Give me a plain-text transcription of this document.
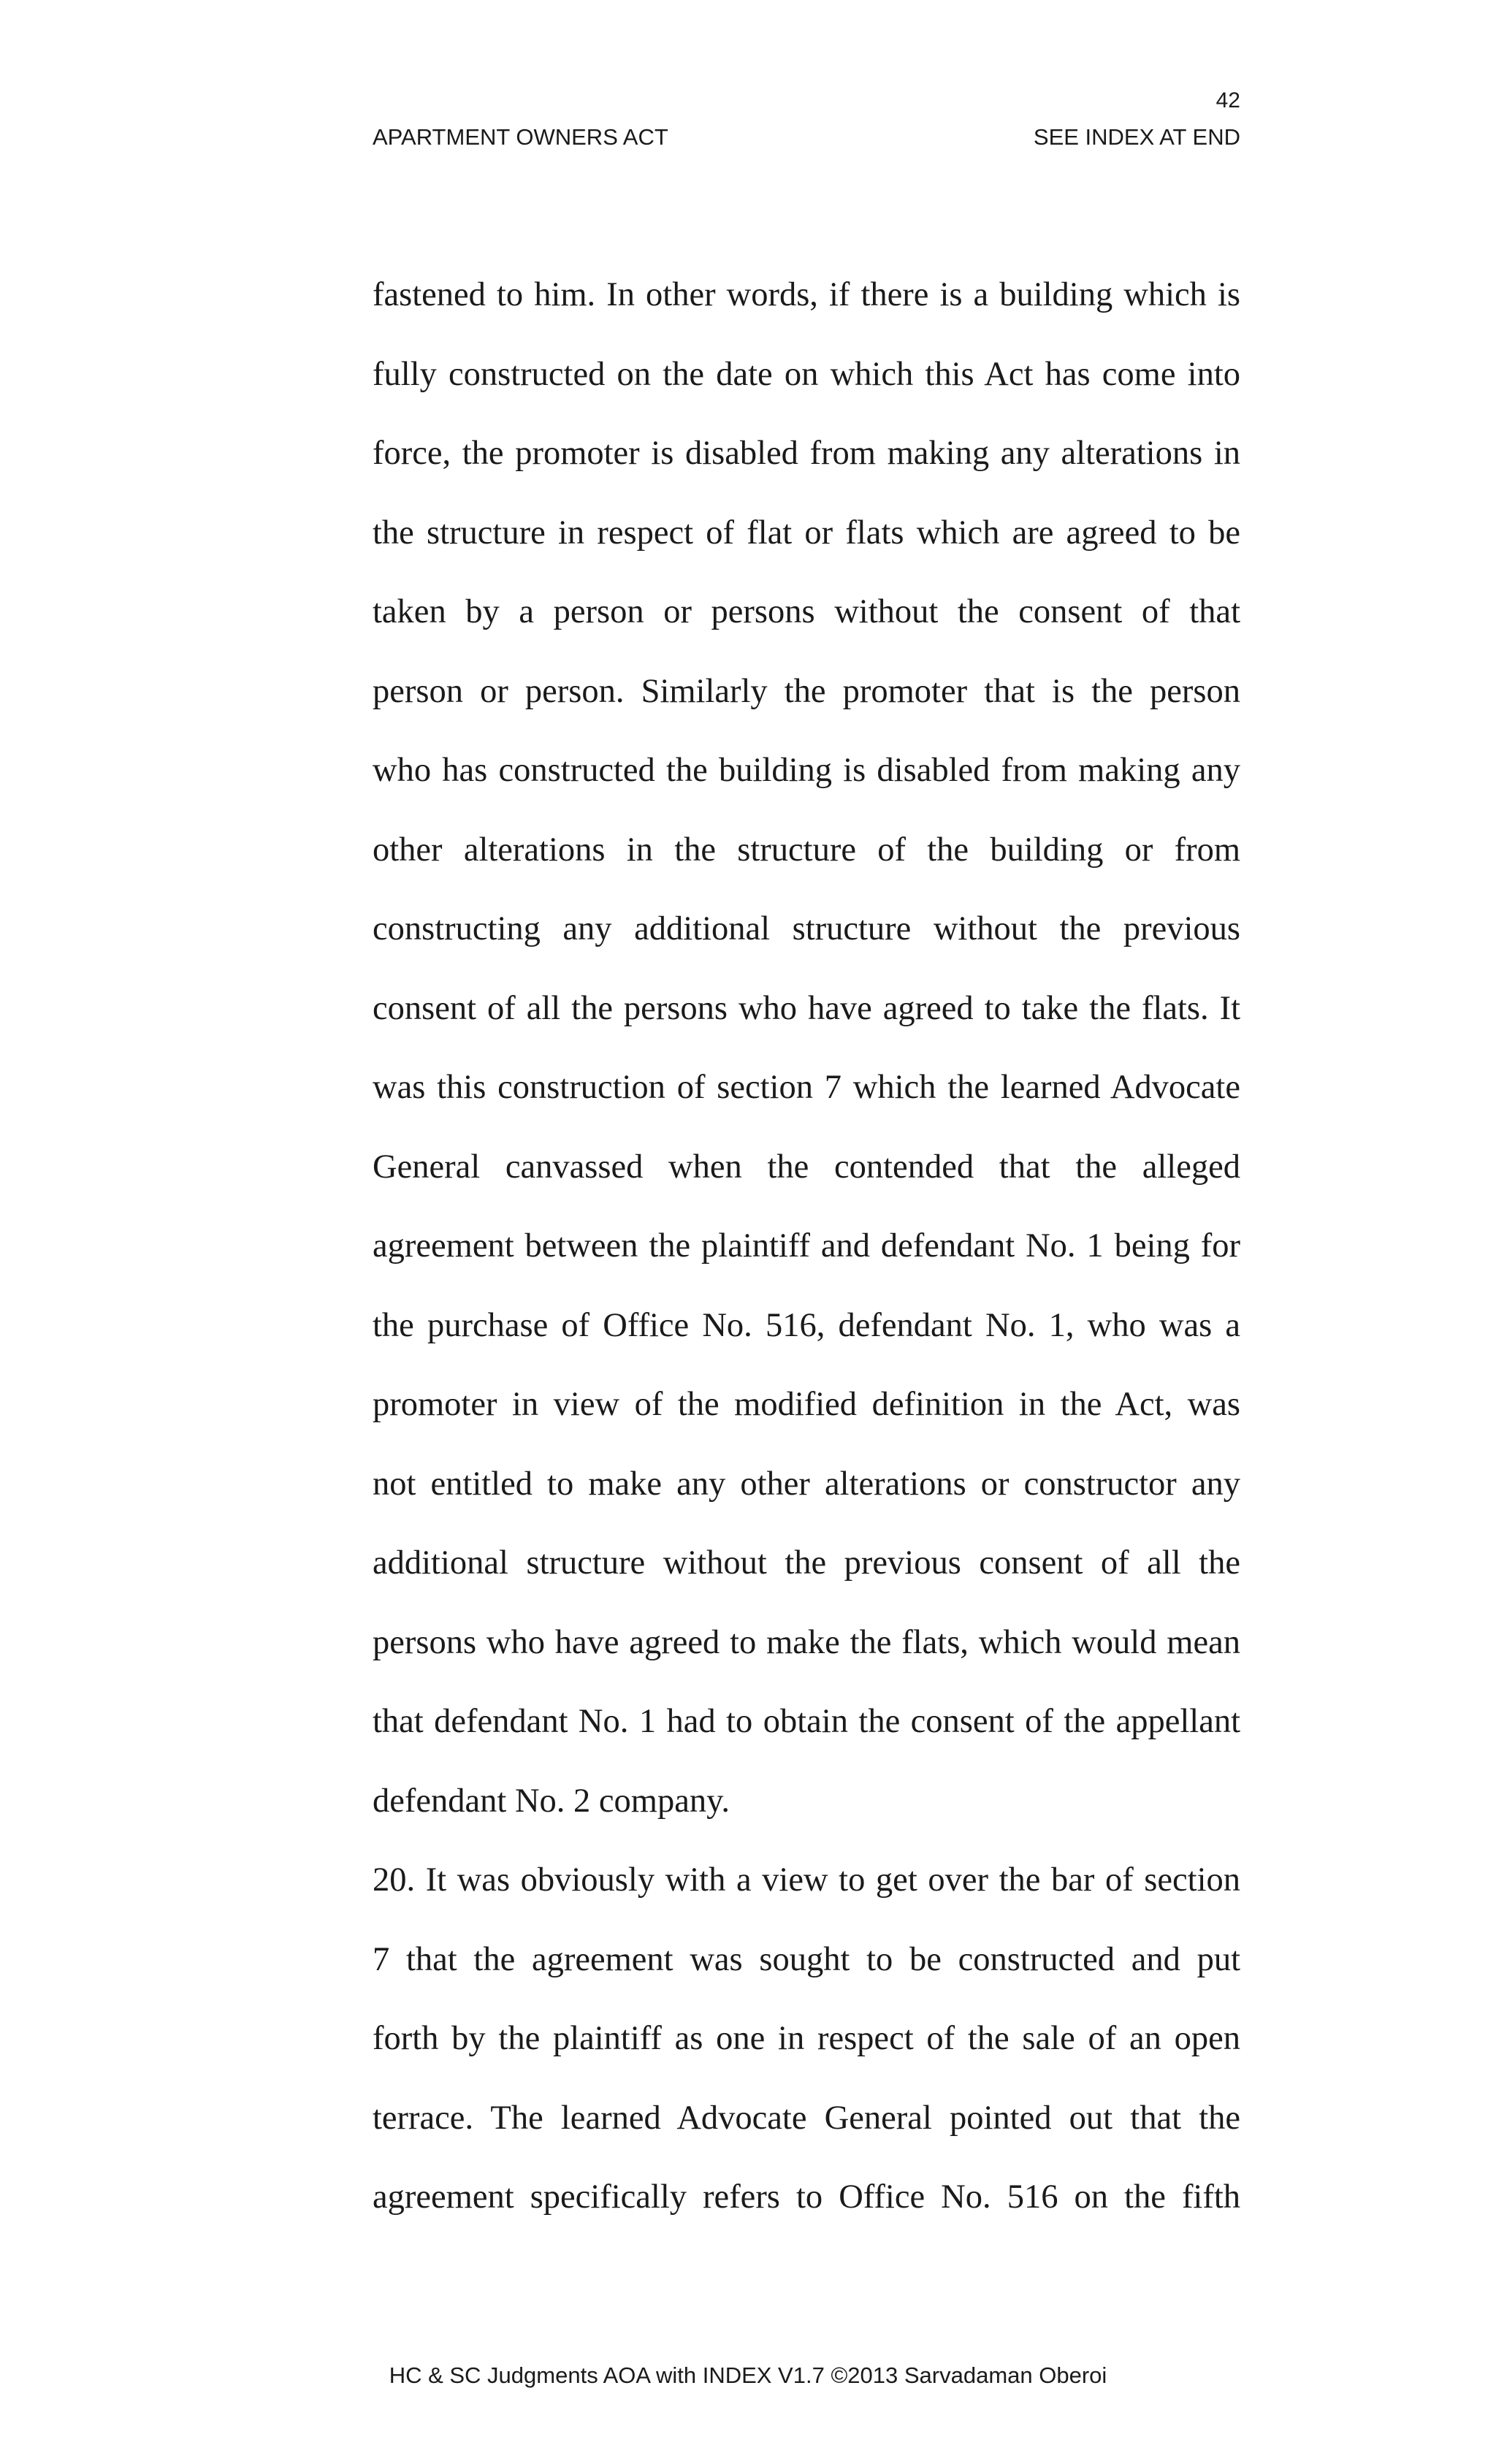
42
APARTMENT OWNERS ACT	SEE INDEX AT END
fastened to him. In other words, if there is a building which is
fully constructed on the date on which this Act has come into
force, the promoter is disabled from making any alterations in
the structure in respect of flat or flats which are agreed to be
taken by a person or persons without the consent of that
person or person. Similarly the promoter that is the person
who has constructed the building is disabled from making any
other alterations in the structure of the building or from
constructing any additional structure without the previous
consent of all the persons who have agreed to take the flats. It
was this construction of section 7 which the learned Advocate
General canvassed when the contended that the alleged
agreement between the plaintiff and defendant No. 1 being for
the purchase of Office No. 516, defendant No. 1, who was a
promoter in view of the modified definition in the Act, was
not entitled to make any other alterations or constructor any
additional structure without the previous consent of all the
persons who have agreed to make the flats, which would mean
that defendant No. 1 had to obtain the consent of the appellant
defendant No. 2 company.
20. It was obviously with a view to get over the bar of section
7 that the agreement was sought to be constructed and put
forth by the plaintiff as one in respect of the sale of an open
terrace. The learned Advocate General pointed out that the
agreement specifically refers to Office No. 516 on the fifth
HC & SC Judgments AOA with INDEX V1.7 ©2013 Sarvadaman Oberoi
